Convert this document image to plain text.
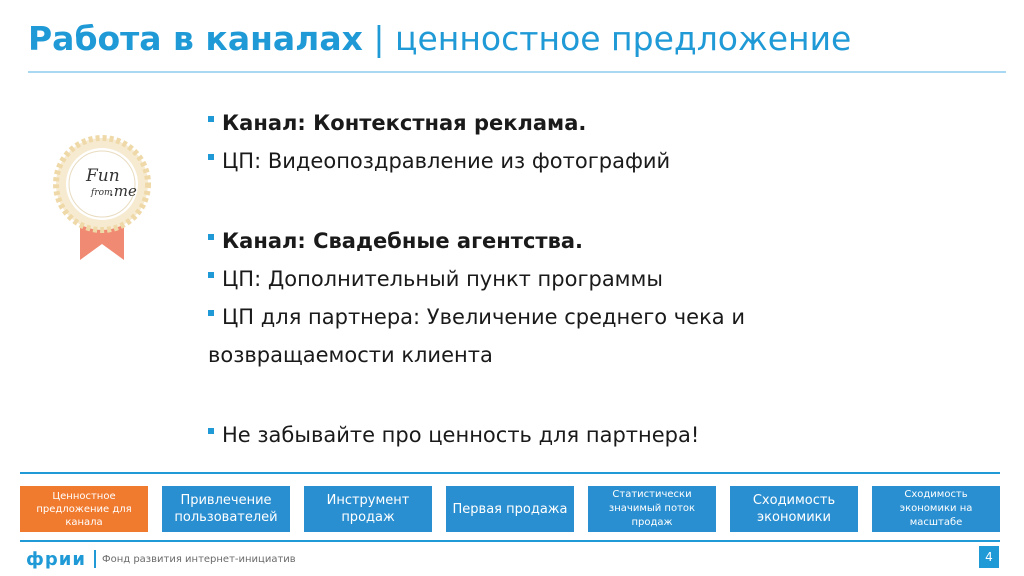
Работа в каналах | ценностное предложение
Fun
from
.me
Канал: Контекстная реклама.
ЦП: Видеопоздравление из фотографий
Канал: Свадебные агентства.
ЦП: Дополнительный пункт программы
ЦП для партнера: Увеличение среднего чека и
возвращаемости клиента
Не забывайте про ценность для партнера!
Ценностное предложение для канала
Привлечение пользователей
Инструмент продаж
Первая продажа
Статистически значимый поток продаж
Сходимость экономики
Сходимость экономики на масштабе
фрии Фонд развития интернет-инициатив	4
